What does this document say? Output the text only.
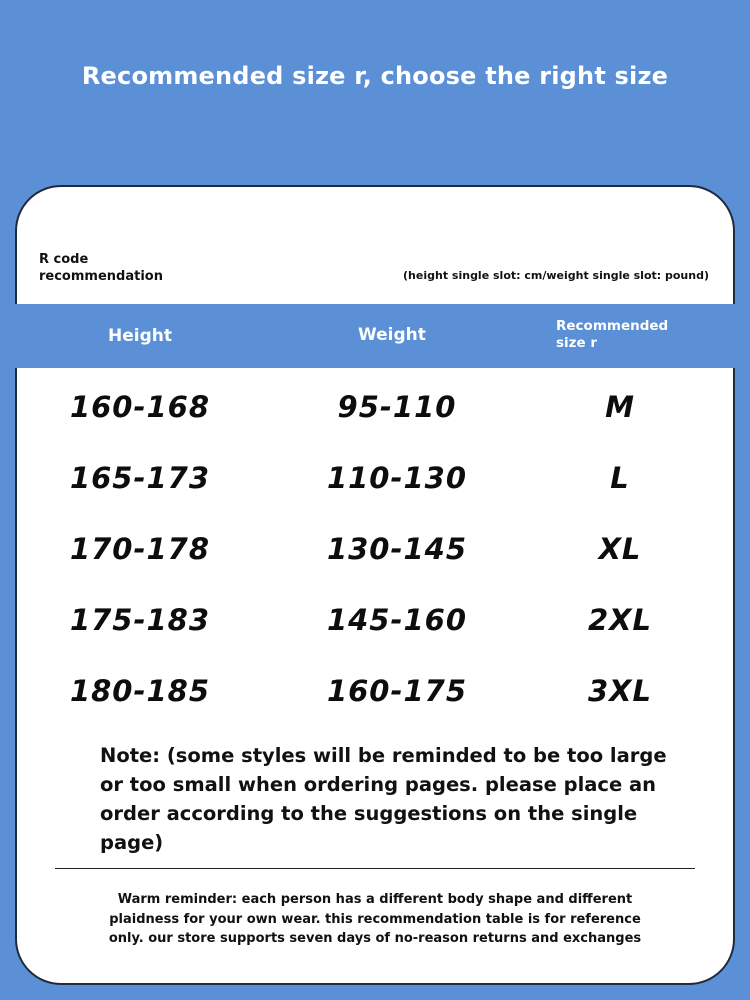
Recommended size r, choose the right size
R code recommendation	(height single slot: cm/weight single slot: pound)
Height	Weight	Recommended size r
160-168	95-110	M
165-173	110-130	L
170-178	130-145	XL
175-183	145-160	2XL
180-185	160-175	3XL
Note: (some styles will be reminded to be too large or too small when ordering pages. please place an order according to the suggestions on the single page)
Warm reminder: each person has a different body shape and different plaidness for your own wear. this recommendation table is for reference only. our store supports seven days of no-reason returns and exchanges
